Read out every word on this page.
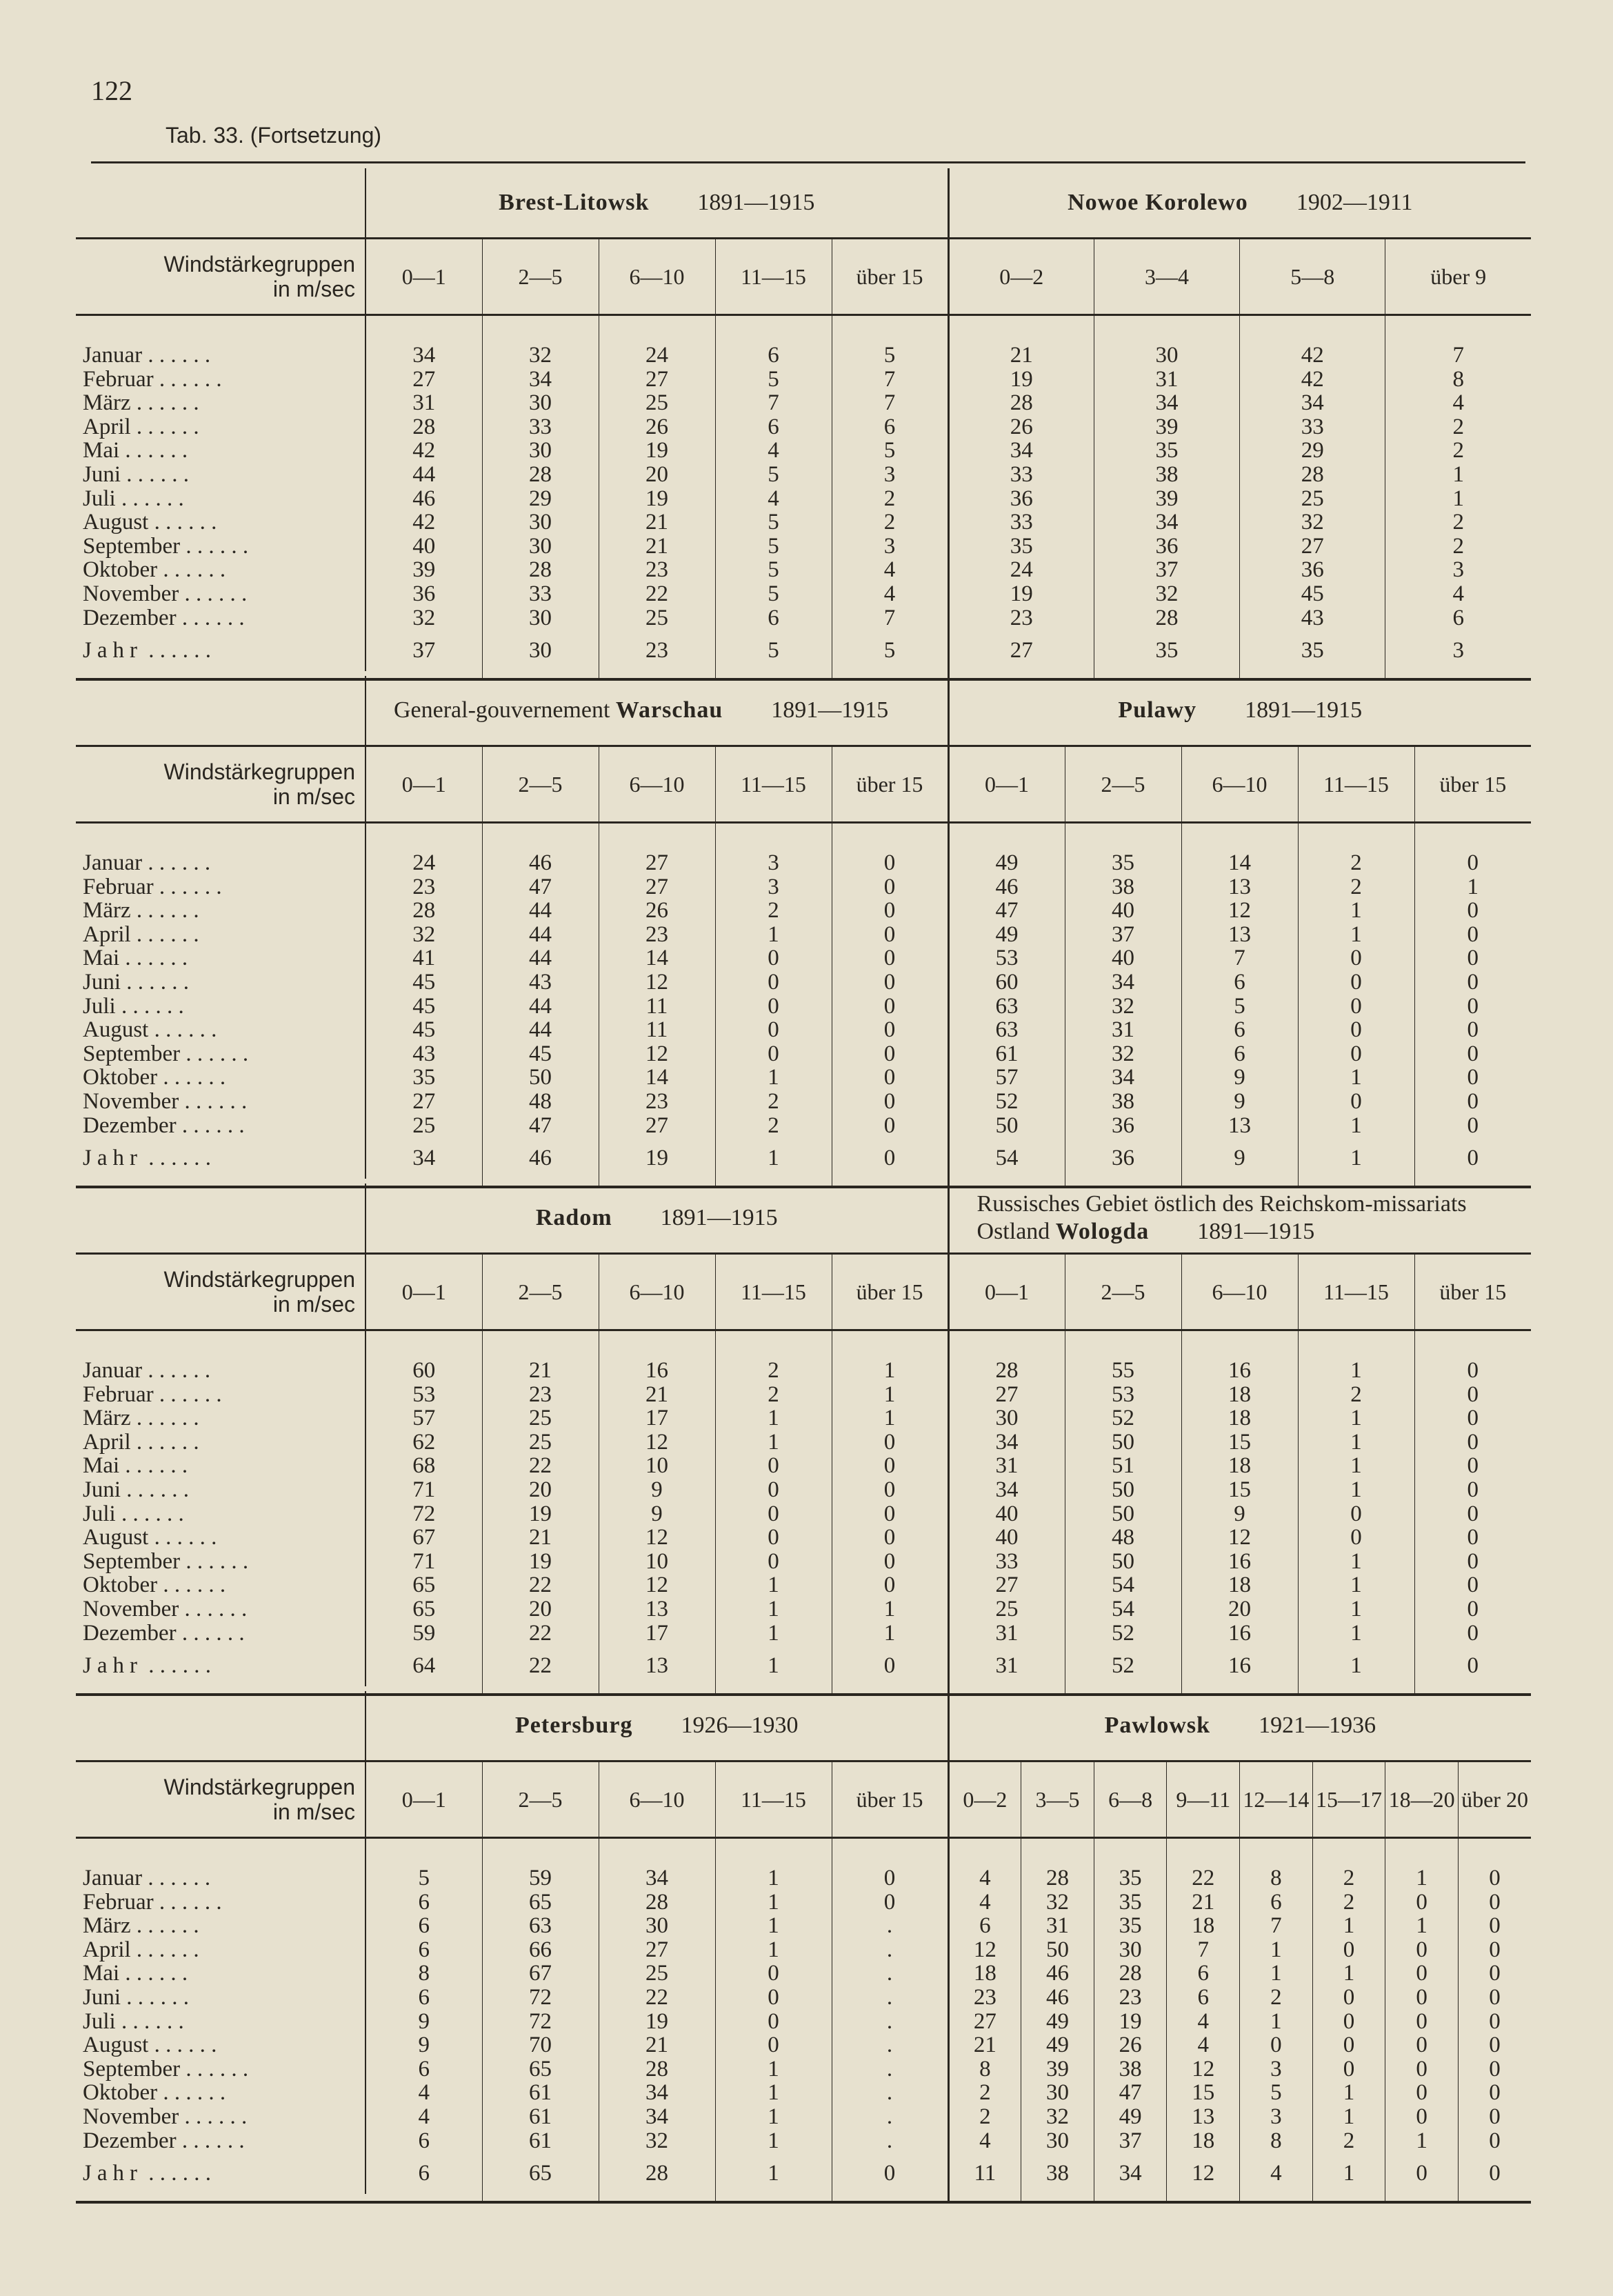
122
Tab. 33. (Fortsetzung)
	Brest-Litowsk 1891—1915					Nowoe Korolewo 1902—1911			

Windstärkegruppen
in m/sec	0—1	2—5	6—10	11—15	über 15	0—2	3—4	5—8	über 9

Januar . . . . . .	34	32	24	6	5	21	30	42	7
Februar . . . . . .	27	34	27	5	7	19	31	42	8
März . . . . . .	31	30	25	7	7	28	34	34	4
April . . . . . .	28	33	26	6	6	26	39	33	2
Mai . . . . . .	42	30	19	4	5	34	35	29	2
Juni . . . . . .	44	28	20	5	3	33	38	28	1
Juli . . . . . .	46	29	19	4	2	36	39	25	1
August . . . . . .	42	30	21	5	2	33	34	32	2
September . . . . . .	40	30	21	5	3	35	36	27	2
Oktober . . . . . .	39	28	23	5	4	24	37	36	3
November . . . . . .	36	33	22	5	4	19	32	45	4
Dezember . . . . . .	32	30	25	6	7	23	28	43	6
Jahr . . . . . .	37	30	23	5	5	27	35	35	3

	General-gouvernement Warschau 1891—1915					Pulawy 1891—1915				

Windstärkegruppen
in m/sec	0—1	2—5	6—10	11—15	über 15	0—1	2—5	6—10	11—15	über 15

Januar . . . . . .	24	46	27	3	0	49	35	14	2	0
Februar . . . . . .	23	47	27	3	0	46	38	13	2	1
März . . . . . .	28	44	26	2	0	47	40	12	1	0
April . . . . . .	32	44	23	1	0	49	37	13	1	0
Mai . . . . . .	41	44	14	0	0	53	40	7	0	0
Juni . . . . . .	45	43	12	0	0	60	34	6	0	0
Juli . . . . . .	45	44	11	0	0	63	32	5	0	0
August . . . . . .	45	44	11	0	0	63	31	6	0	0
September . . . . . .	43	45	12	0	0	61	32	6	0	0
Oktober . . . . . .	35	50	14	1	0	57	34	9	1	0
November . . . . . .	27	48	23	2	0	52	38	9	0	0
Dezember . . . . . .	25	47	27	2	0	50	36	13	1	0
Jahr . . . . . .	34	46	19	1	0	54	36	9	1	0

	Radom 1891—1915					Russisches Gebiet östlich des Reichskom-missariats Ostland Wologda 1891—1915				

Windstärkegruppen
in m/sec	0—1	2—5	6—10	11—15	über 15	0—1	2—5	6—10	11—15	über 15

Januar . . . . . .	60	21	16	2	1	28	55	16	1	0
Februar . . . . . .	53	23	21	2	1	27	53	18	2	0
März . . . . . .	57	25	17	1	1	30	52	18	1	0
April . . . . . .	62	25	12	1	0	34	50	15	1	0
Mai . . . . . .	68	22	10	0	0	31	51	18	1	0
Juni . . . . . .	71	20	9	0	0	34	50	15	1	0
Juli . . . . . .	72	19	9	0	0	40	50	9	0	0
August . . . . . .	67	21	12	0	0	40	48	12	0	0
September . . . . . .	71	19	10	0	0	33	50	16	1	0
Oktober . . . . . .	65	22	12	1	0	27	54	18	1	0
November . . . . . .	65	20	13	1	1	25	54	20	1	0
Dezember . . . . . .	59	22	17	1	1	31	52	16	1	0
Jahr . . . . . .	64	22	13	1	0	31	52	16	1	0

	Petersburg 1926—1930					Pawlowsk 1921—1936							

Windstärkegruppen
in m/sec	0—1	2—5	6—10	11—15	über 15	0—2	3—5	6—8	9—11	12—14	15—17	18—20	über 20

Januar . . . . . .	5	59	34	1	0	4	28	35	22	8	2	1	0
Februar . . . . . .	6	65	28	1	0	4	32	35	21	6	2	0	0
März . . . . . .	6	63	30	1	.	6	31	35	18	7	1	1	0
April . . . . . .	6	66	27	1	.	12	50	30	7	1	0	0	0
Mai . . . . . .	8	67	25	0	.	18	46	28	6	1	1	0	0
Juni . . . . . .	6	72	22	0	.	23	46	23	6	2	0	0	0
Juli . . . . . .	9	72	19	0	.	27	49	19	4	1	0	0	0
August . . . . . .	9	70	21	0	.	21	49	26	4	0	0	0	0
September . . . . . .	6	65	28	1	.	8	39	38	12	3	0	0	0
Oktober . . . . . .	4	61	34	1	.	2	30	47	15	5	1	0	0
November . . . . . .	4	61	34	1	.	2	32	49	13	3	1	0	0
Dezember . . . . . .	6	61	32	1	.	4	30	37	18	8	2	1	0
Jahr . . . . . .	6	65	28	1	0	11	38	34	12	4	1	0	0
